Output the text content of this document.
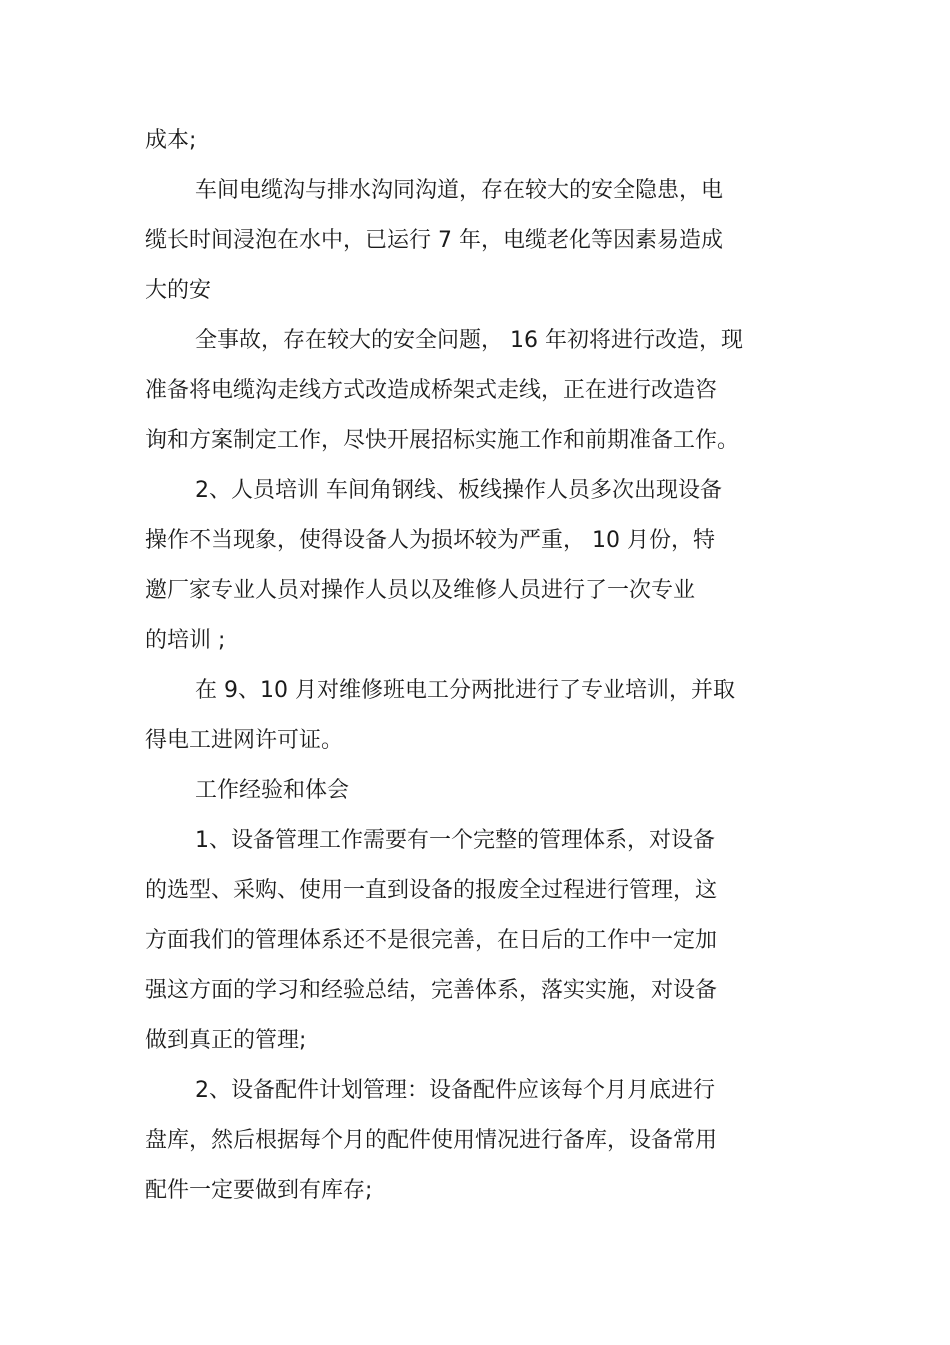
成本;
车间电缆沟与排水沟同沟道，存在较大的安全隐患，电
缆长时间浸泡在水中，已运行 7 年，电缆老化等因素易造成
大的安
全事故，存在较大的安全问题， 16 年初将进行改造，现
准备将电缆沟走线方式改造成桥架式走线，正在进行改造咨
询和方案制定工作，尽快开展招标实施工作和前期准备工作。
2、人员培训 车间角钢线、板线操作人员多次出现设备
操作不当现象，使得设备人为损坏较为严重， 10 月份，特
邀厂家专业人员对操作人员以及维修人员进行了一次专业
的培训 ;
在 9、10 月对维修班电工分两批进行了专业培训，并取
得电工进网许可证。
工作经验和体会
1、设备管理工作需要有一个完整的管理体系，对设备
的选型、采购、使用一直到设备的报废全过程进行管理，这
方面我们的管理体系还不是很完善，在日后的工作中一定加
强这方面的学习和经验总结，完善体系，落实实施，对设备
做到真正的管理;
2、设备配件计划管理：设备配件应该每个月月底进行
盘库，然后根据每个月的配件使用情况进行备库，设备常用
配件一定要做到有库存;
